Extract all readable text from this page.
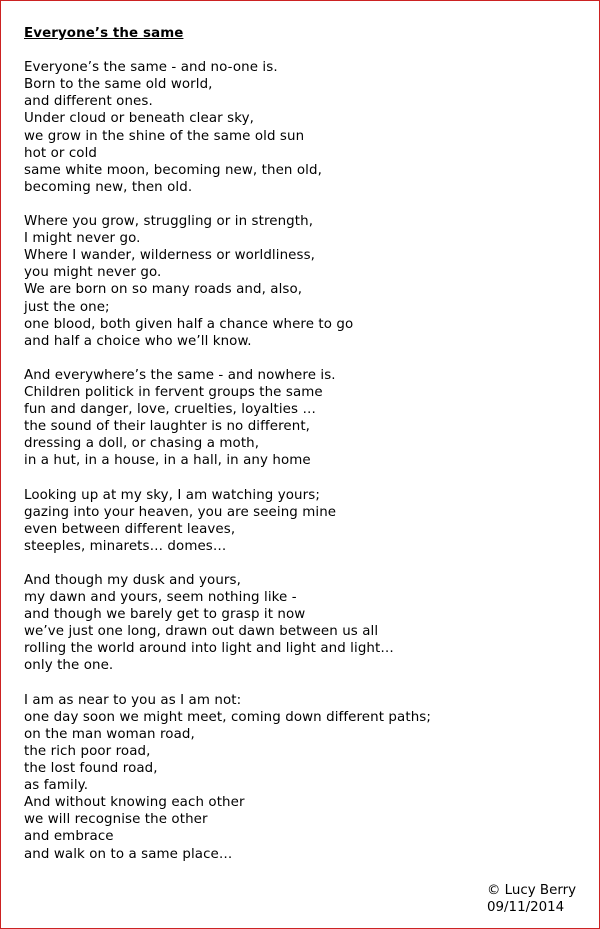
Everyone’s the same
Everyone’s the same - and no-one is.
Born to the same old world,
and different ones.
Under cloud or beneath clear sky,
we grow in the shine of the same old sun
hot or cold
same white moon, becoming new, then old,
becoming new, then old.
Where you grow, struggling or in strength,
I might never go.
Where I wander, wilderness or worldliness,
you might never go.
We are born on so many roads and, also,
just the one;
one blood, both given half a chance where to go
and half a choice who we’ll know.
And everywhere’s the same - and nowhere is.
Children politick in fervent groups the same
fun and danger, love, cruelties, loyalties …
the sound of their laughter is no different,
dressing a doll, or chasing a moth,
in a hut, in a house, in a hall, in any home
Looking up at my sky, I am watching yours;
gazing into your heaven, you are seeing mine
even between different leaves,
steeples, minarets… domes…
And though my dusk and yours,
my dawn and yours, seem nothing like -
and though we barely get to grasp it now
we’ve just one long, drawn out dawn between us all
rolling the world around into light and light and light…
only the one.
I am as near to you as I am not:
one day soon we might meet, coming down different paths;
on the man woman road,
the rich poor road,
the lost found road,
as family.
And without knowing each other
we will recognise the other
and embrace
and walk on to a same place…
© Lucy Berry
09/11/2014
